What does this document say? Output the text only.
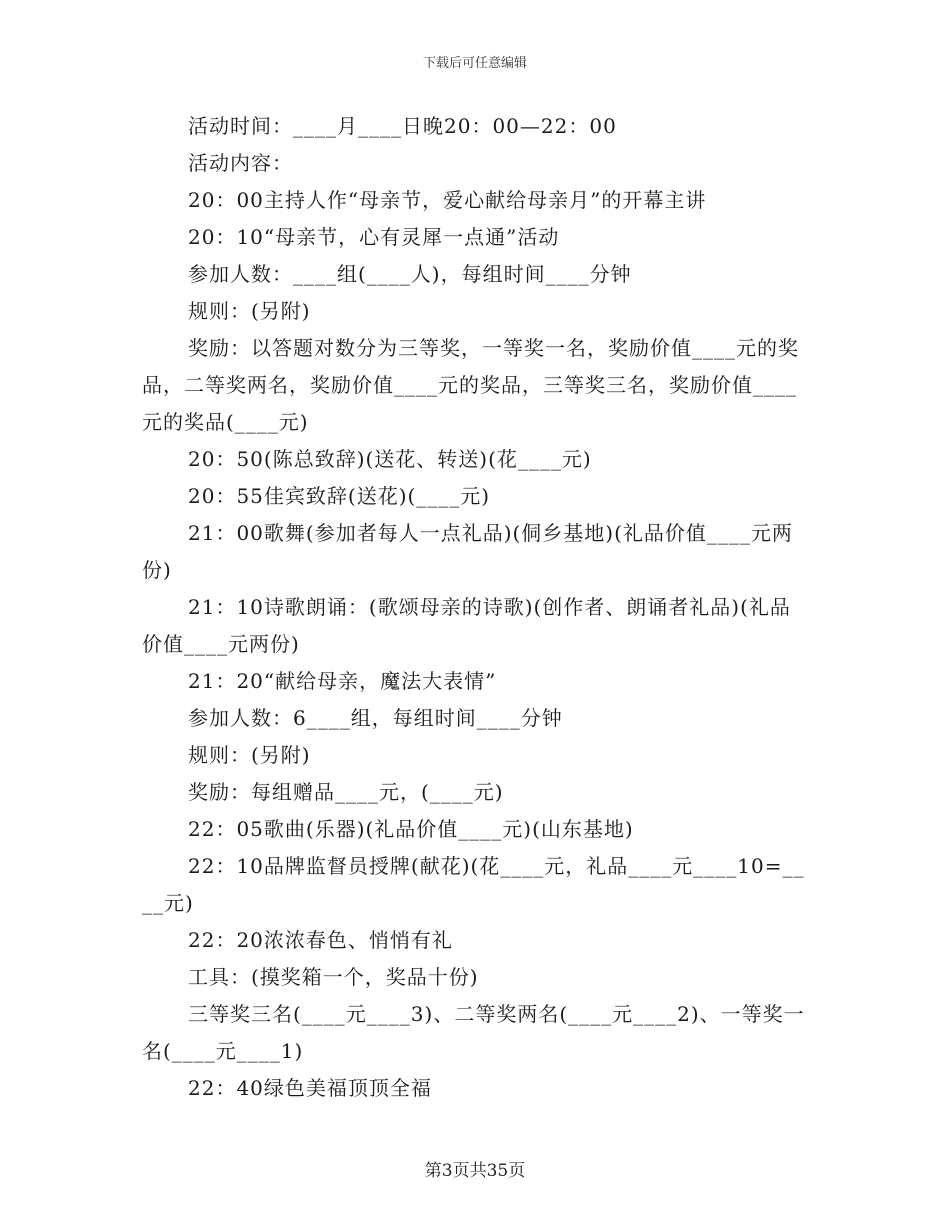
下载后可任意编辑

活动时间：____月____日晚20：00—22：00

活动内容：

20：00主持人作“母亲节，爱心献给母亲月”的开幕主讲

20：10“母亲节，心有灵犀一点通”活动

参加人数：____组(____人)，每组时间____分钟

规则：(另附)

奖励：以答题对数分为三等奖，一等奖一名，奖励价值____元的奖品，二等奖两名，奖励价值____元的奖品，三等奖三名，奖励价值____元的奖品(____元)

20：50(陈总致辞)(送花、转送)(花____元)

20：55佳宾致辞(送花)(____元)

21：00歌舞(参加者每人一点礼品)(侗乡基地)(礼品价值____元两份)

21：10诗歌朗诵：(歌颂母亲的诗歌)(创作者、朗诵者礼品)(礼品价值____元两份)

21：20“献给母亲，魔法大表情”

参加人数：6____组，每组时间____分钟

规则：(另附)

奖励：每组赠品____元，(____元)

22：05歌曲(乐器)(礼品价值____元)(山东基地)

22：10品牌监督员授牌(献花)(花____元，礼品____元____10=____元)

22：20浓浓春色、悄悄有礼

工具：(摸奖箱一个，奖品十份)

三等奖三名(____元____3)、二等奖两名(____元____2)、一等奖一名(____元____1)

22：40绿色美福顶顶全福

第3页共35页
